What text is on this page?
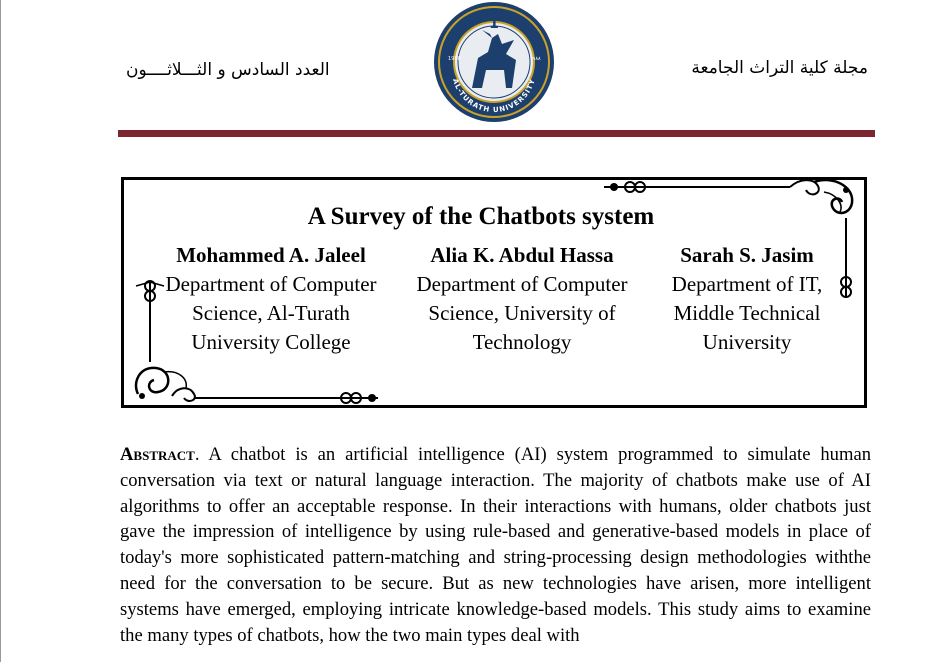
مجلة كلية التراث الجامعة
العدد السادس و الثـــلاثــــون
1
AL-TURATH UNIVERSITY
1988	١٩٨٨
A Survey of the Chatbots system
Mohammed A. Jaleel
Department of Computer
Science, Al-Turath
University College
Alia K. Abdul Hassa
Department of Computer
Science, University of
Technology
Sarah S. Jasim
Department of IT,
Middle Technical
University

Abstract. A chatbot is an artificial intelligence (AI) system programmed to simulate human conversation via text or natural language interaction. The majority of chatbots make use of AI algorithms to offer an acceptable response. In their interactions with humans, older chatbots just gave the impression of intelligence by using rule-based and generative-based models in place of today's more sophisticated pattern-matching and string-processing design methodologies withthe need for the conversation to be secure. But as new technologies have arisen, more intelligent systems have emerged, employing intricate knowledge-based models. This study aims to examine the many types of chatbots, how the two main types deal with
